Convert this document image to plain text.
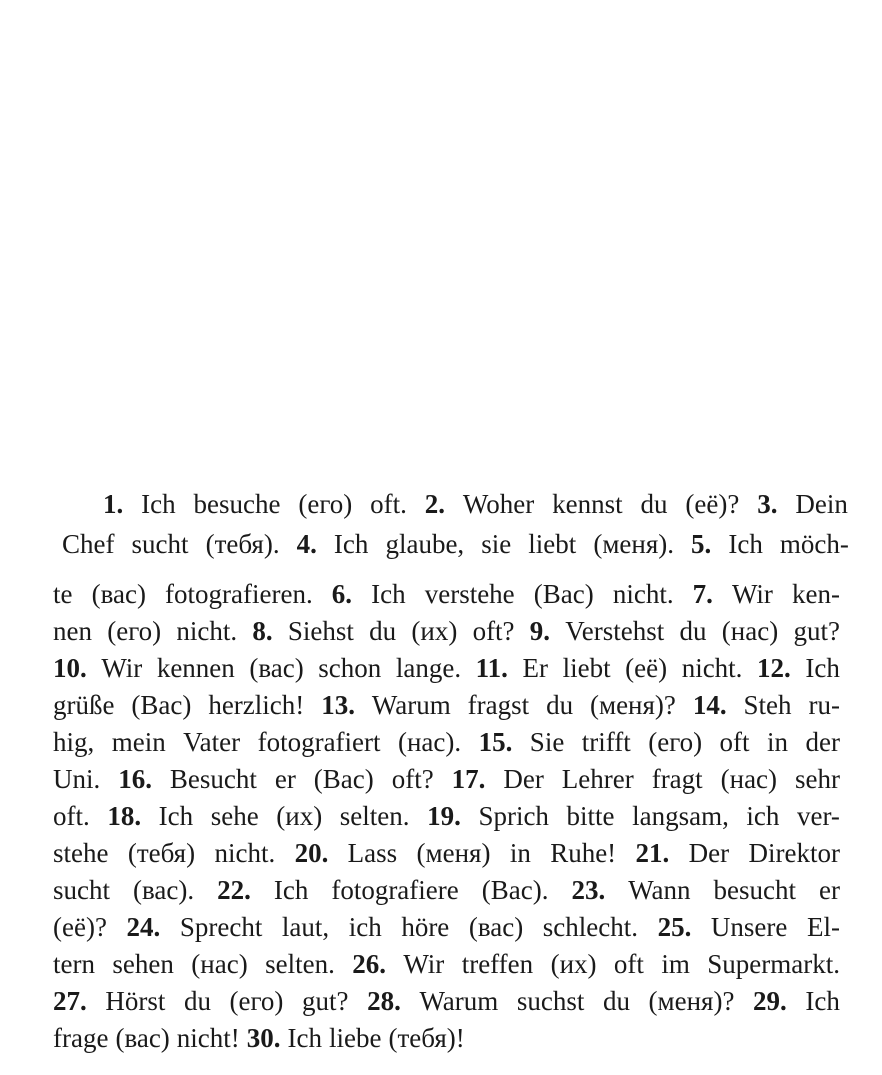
1. Ich besuche (его) oft. 2. Woher kennst du (её)? 3. Dein
Chef sucht (тебя). 4. Ich glaube, sie liebt (меня). 5. Ich möch-
te (вас) fotografieren. 6. Ich verstehe (Вас) nicht. 7. Wir ken-
nen (его) nicht. 8. Siehst du (их) oft? 9. Verstehst du (нас) gut?
10. Wir kennen (вас) schon lange. 11. Er liebt (её) nicht. 12. Ich
grüße (Вас) herzlich! 13. Warum fragst du (меня)? 14. Steh ru-
hig, mein Vater fotografiert (нас). 15. Sie trifft (его) oft in der
Uni. 16. Besucht er (Вас) oft? 17. Der Lehrer fragt (нас) sehr
oft. 18. Ich sehe (их) selten. 19. Sprich bitte langsam, ich ver-
stehe (тебя) nicht. 20. Lass (меня) in Ruhe! 21. Der Direktor
sucht (вас). 22. Ich fotografiere (Вас). 23. Wann besucht er
(её)? 24. Sprecht laut, ich höre (вас) schlecht. 25. Unsere El-
tern sehen (нас) selten. 26. Wir treffen (их) oft im Supermarkt.
27. Hörst du (его) gut? 28. Warum suchst du (меня)? 29. Ich
frage (вас) nicht! 30. Ich liebe (тебя)!
